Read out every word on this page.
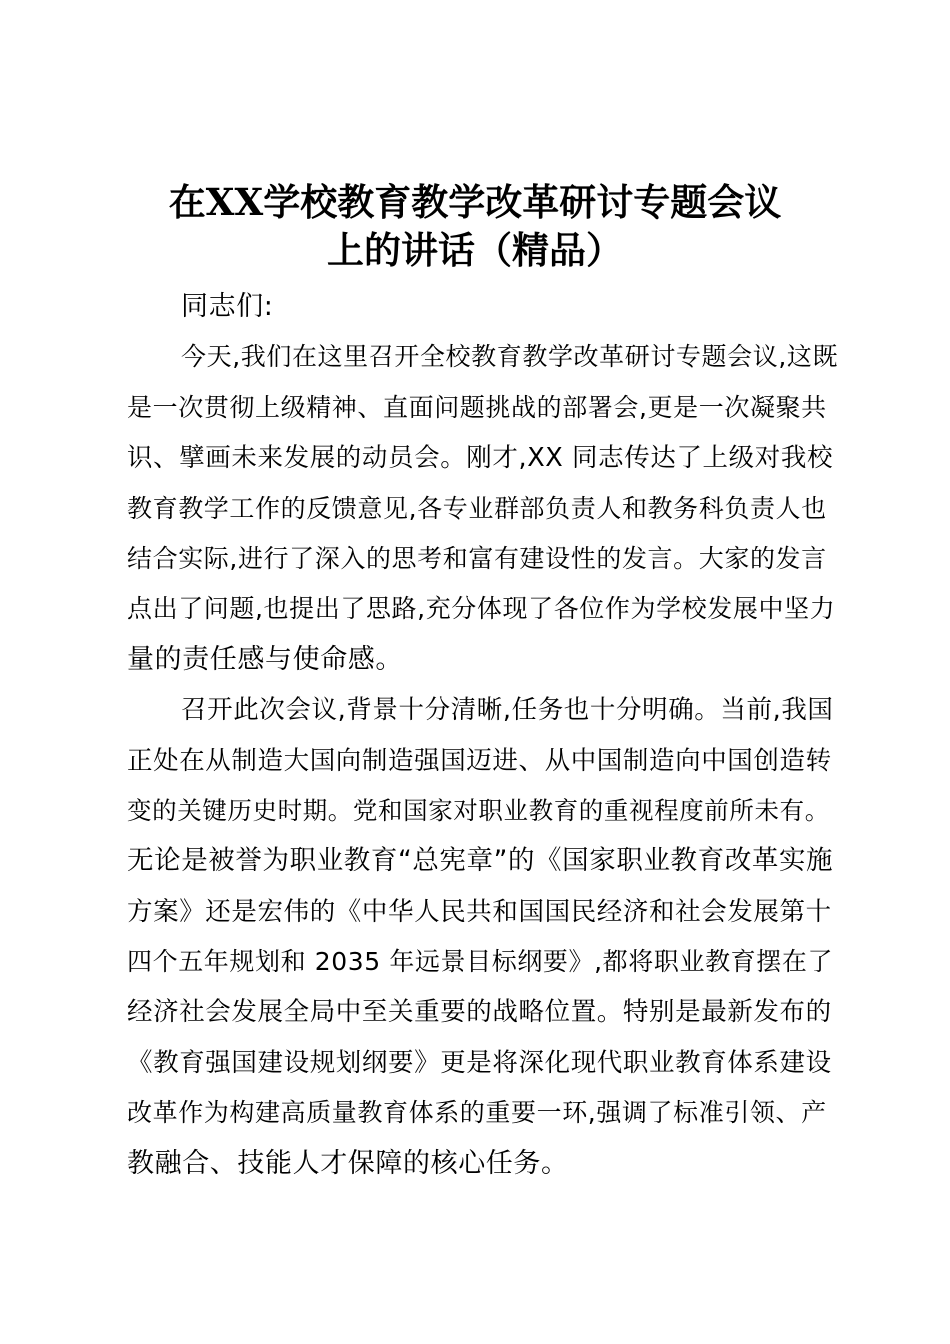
在XX学校教育教学改革研讨专题会议
上的讲话（精品）
同志们:
今天,我们在这里召开全校教育教学改革研讨专题会议,这既
是一次贯彻上级精神、直面问题挑战的部署会,更是一次凝聚共
识、擘画未来发展的动员会。刚才,XX 同志传达了上级对我校
教育教学工作的反馈意见,各专业群部负责人和教务科负责人也
结合实际,进行了深入的思考和富有建设性的发言。大家的发言
点出了问题,也提出了思路,充分体现了各位作为学校发展中坚力
量的责任感与使命感。
召开此次会议,背景十分清晰,任务也十分明确。当前,我国
正处在从制造大国向制造强国迈进、从中国制造向中国创造转
变的关键历史时期。党和国家对职业教育的重视程度前所未有。
无论是被誉为职业教育“总宪章”的《国家职业教育改革实施
方案》还是宏伟的《中华人民共和国国民经济和社会发展第十
四个五年规划和 2035 年远景目标纲要》,都将职业教育摆在了
经济社会发展全局中至关重要的战略位置。特别是最新发布的
《教育强国建设规划纲要》更是将深化现代职业教育体系建设
改革作为构建高质量教育体系的重要一环,强调了标准引领、产
教融合、技能人才保障的核心任务。
